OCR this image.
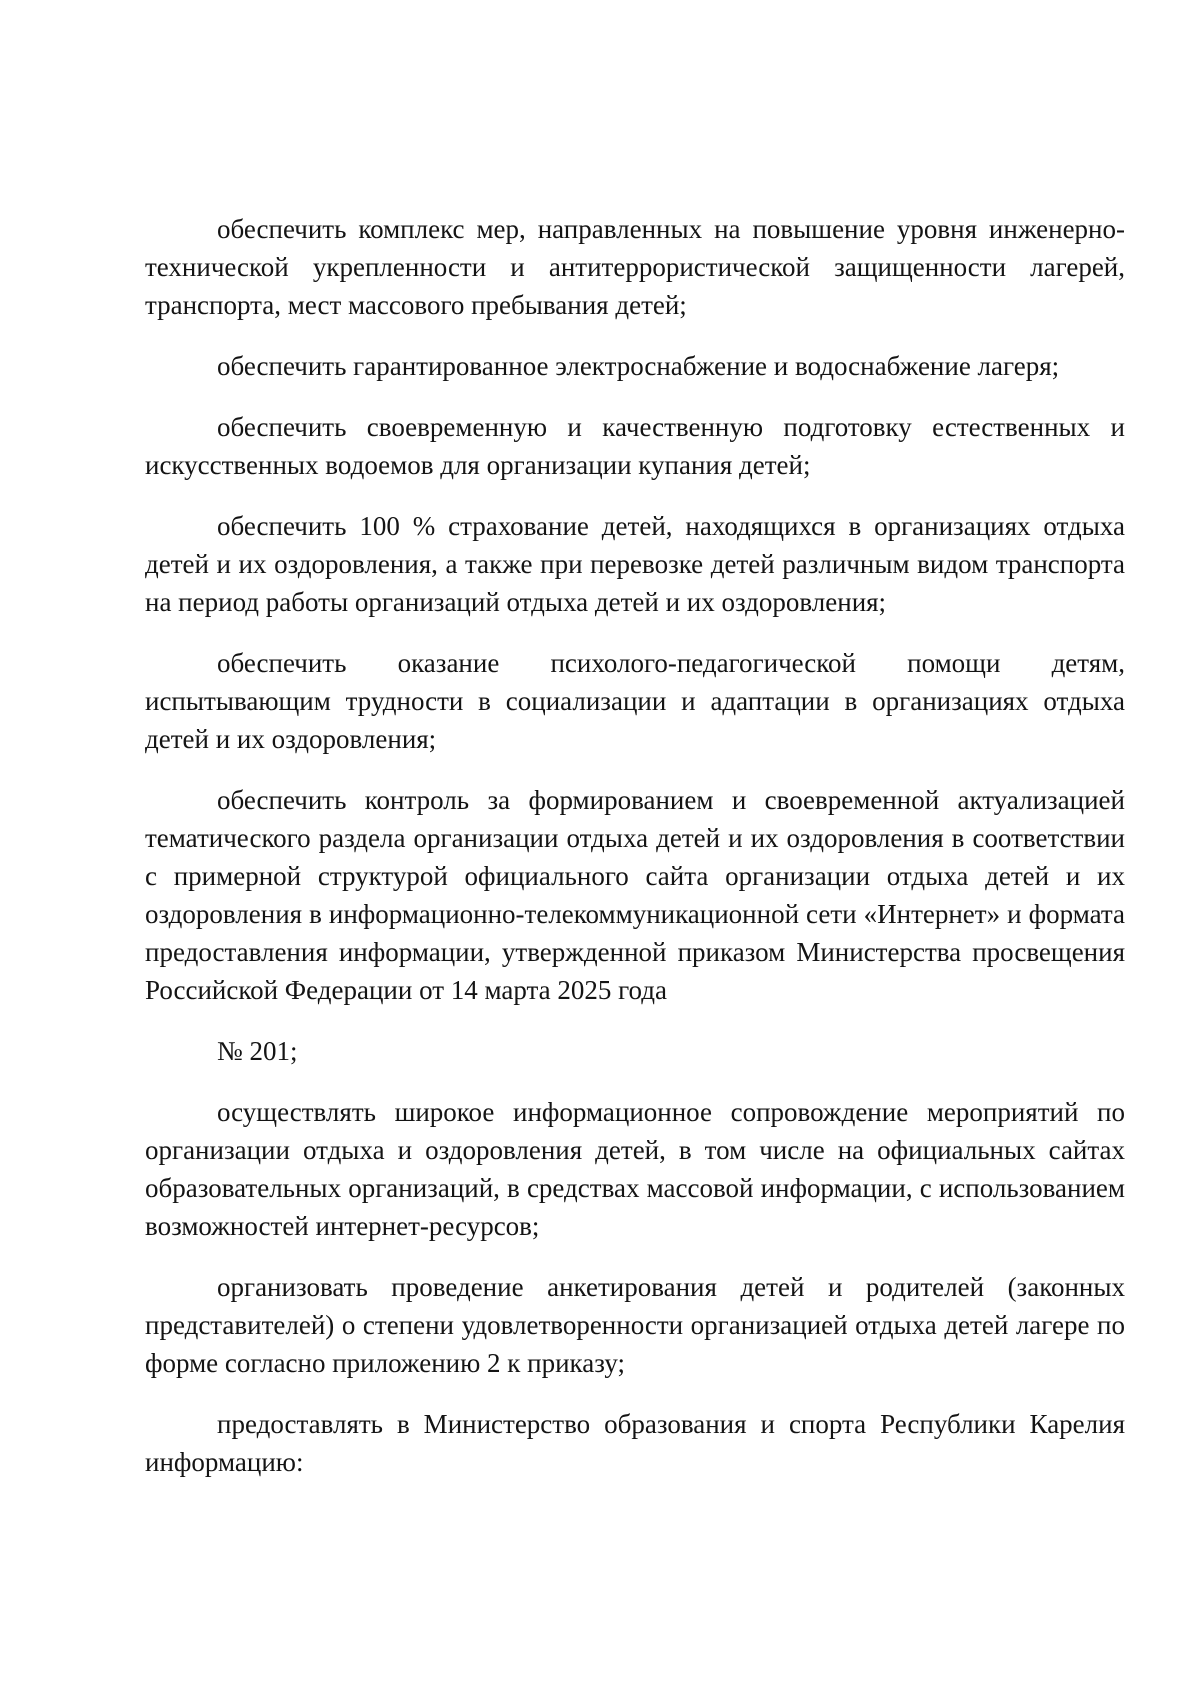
обеспечить комплекс мер, направленных на повышение уровня инженерно-технической укрепленности и антитеррористической защищенности лагерей, транспорта, мест массового пребывания детей;

обеспечить гарантированное электроснабжение и водоснабжение лагеря;

обеспечить своевременную и качественную подготовку естественных и искусственных водоемов для организации купания детей;

обеспечить 100 % страхование детей, находящихся в организациях отдыха детей и их оздоровления, а также при перевозке детей различным видом транспорта на период работы организаций отдыха детей и их оздоровления;

обеспечить оказание психолого-педагогической помощи детям, испытывающим трудности в социализации и адаптации в организациях отдыха детей и их оздоровления;

обеспечить контроль за формированием и своевременной актуализацией тематического раздела организации отдыха детей и их оздоровления в соответствии с примерной структурой официального сайта организации отдыха детей и их оздоровления в информационно-телекоммуникационной сети «Интернет» и формата предоставления информации, утвержденной приказом Министерства просвещения Российской Федерации от 14 марта 2025 года

№ 201;

осуществлять широкое информационное сопровождение мероприятий по организации отдыха и оздоровления детей, в том числе на официальных сайтах образовательных организаций, в средствах массовой информации, с использованием возможностей интернет-ресурсов;

организовать проведение анкетирования детей и родителей (законных представителей) о степени удовлетворенности организацией отдыха детей лагере по форме согласно приложению 2 к приказу;

предоставлять в Министерство образования и спорта Республики Карелия информацию:
